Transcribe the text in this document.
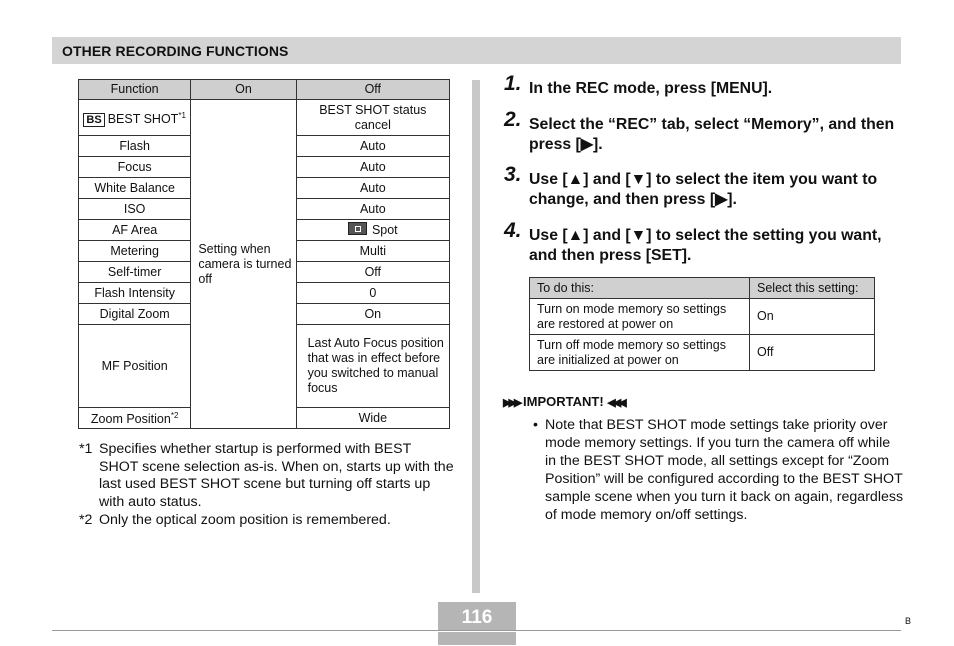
OTHER RECORDING FUNCTIONS
Function	On	Off
BS BEST SHOT$^{*1}$	Setting when camera is turned off	BEST SHOT status cancel
Flash		Auto
Focus		Auto
White Balance		Auto
ISO		Auto
AF Area		Spot
Metering		Multi
Self-timer		Off
Flash Intensity		0
Digital Zoom		On
MF Position		Last Auto Focus position that was in effect before you switched to manual focus
Zoom Position$^{*2}$		Wide
*1 Specifies whether startup is performed with BEST SHOT scene selection as-is. When on, starts up with the last used BEST SHOT scene but turning off starts up with auto status.
*2 Only the optical zoom position is remembered.
1. In the REC mode, press [MENU].
2. Select the “REC” tab, select “Memory”, and then press [▶].
3. Use [▲] and [▼] to select the item you want to change, and then press [▶].
4. Use [▲] and [▼] to select the setting you want, and then press [SET].
To do this:	Select this setting:
Turn on mode memory so settings are restored at power on	On
Turn off mode memory so settings are initialized at power on	Off
▶▶▶ IMPORTANT! ◀◀◀
• Note that BEST SHOT mode settings take priority over mode memory settings. If you turn the camera off while in the BEST SHOT mode, all settings except for “Zoom Position” will be configured according to the BEST SHOT sample scene when you turn it back on again, regardless of mode memory on/off settings.
116	B
